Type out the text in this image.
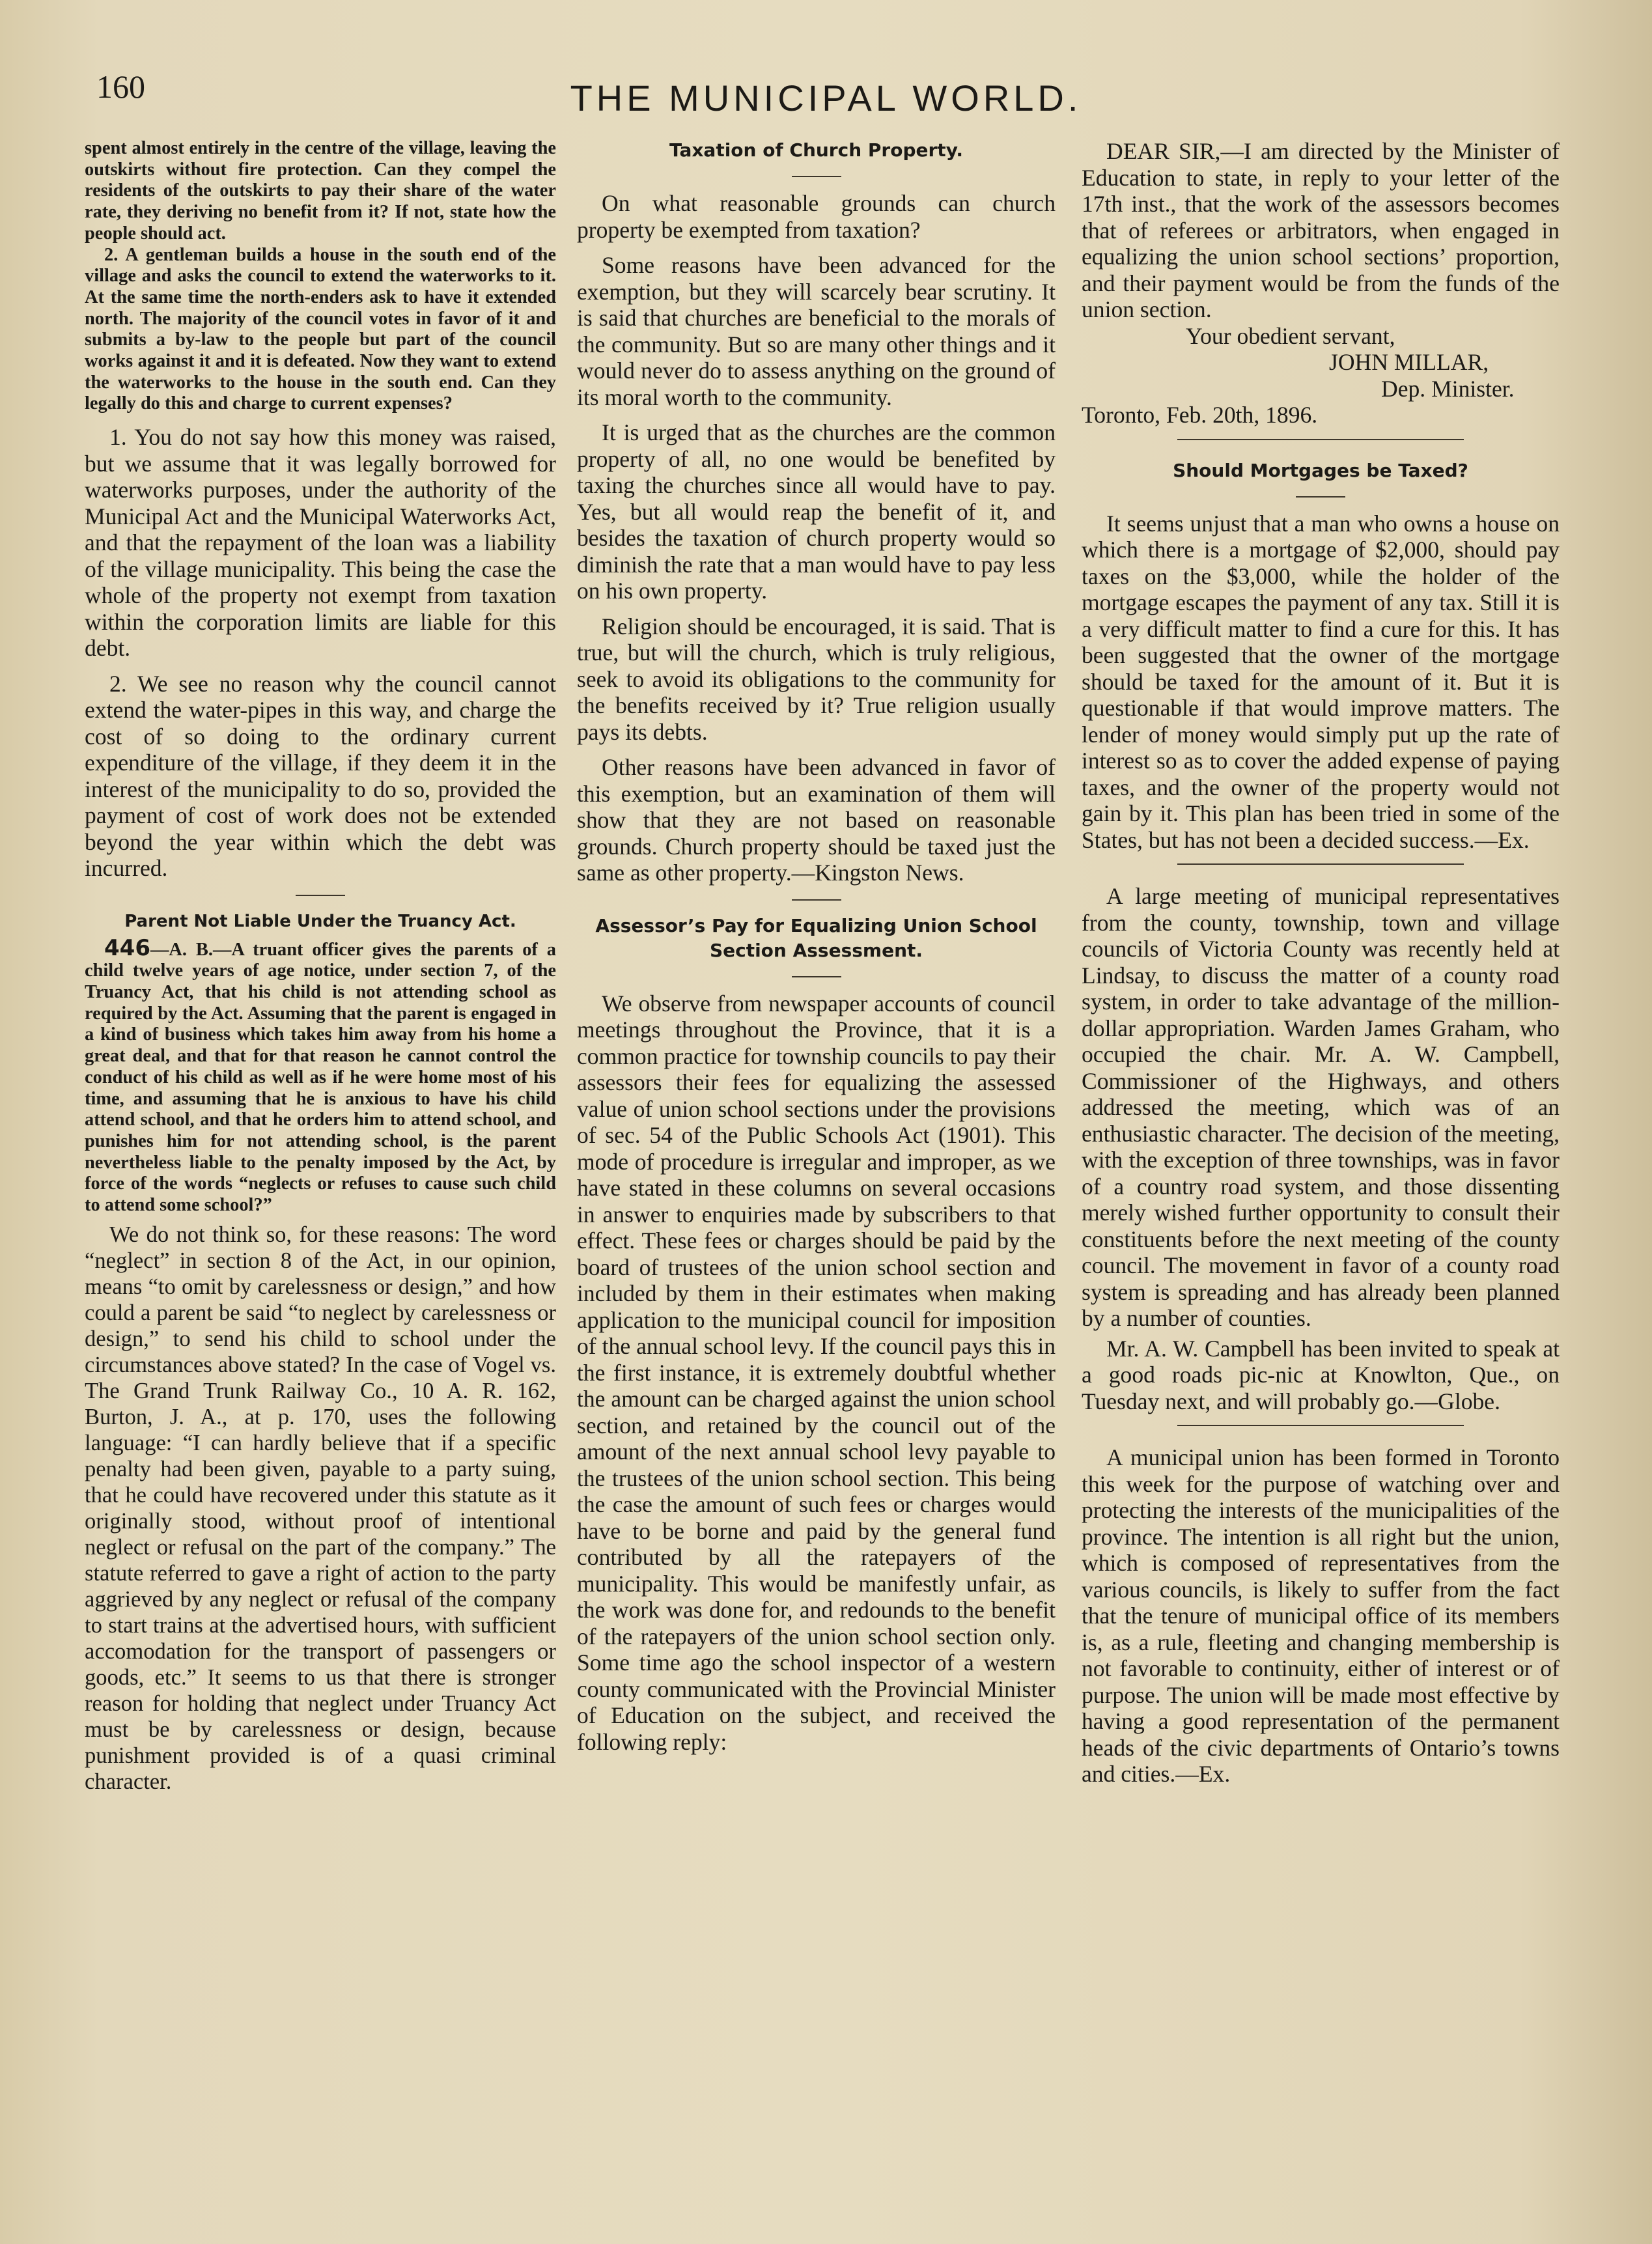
160	THE MUNICIPAL WORLD.

spent almost entirely in the centre of the village, leaving the outskirts without fire protection. Can they compel the residents of the outskirts to pay their share of the water rate, they deriving no benefit from it? If not, state how the people should act.

2. A gentleman builds a house in the south end of the village and asks the council to extend the waterworks to it. At the same time the north-enders ask to have it extended north. The majority of the council votes in favor of it and submits a by-law to the people but part of the council works against it and it is defeated. Now they want to extend the waterworks to the house in the south end. Can they legally do this and charge to current expenses?

1. You do not say how this money was raised, but we assume that it was legally borrowed for waterworks purposes, under the authority of the Municipal Act and the Municipal Waterworks Act, and that the repayment of the loan was a liability of the village municipality. This being the case the whole of the property not exempt from taxation within the corporation limits are liable for this debt.

2. We see no reason why the council cannot extend the water-pipes in this way, and charge the cost of so doing to the ordinary current expenditure of the village, if they deem it in the interest of the municipality to do so, provided the payment of cost of work does not be extended beyond the year within which the debt was incurred.

Parent Not Liable Under the Truancy Act.

446—A. B.—A truant officer gives the parents of a child twelve years of age notice, under section 7, of the Truancy Act, that his child is not attending school as required by the Act. Assuming that the parent is engaged in a kind of business which takes him away from his home a great deal, and that for that reason he cannot control the conduct of his child as well as if he were home most of his time, and assuming that he is anxious to have his child attend school, and that he orders him to attend school, and punishes him for not attending school, is the parent nevertheless liable to the penalty imposed by the Act, by force of the words “neglects or refuses to cause such child to attend some school?”

We do not think so, for these reasons: The word “neglect” in section 8 of the Act, in our opinion, means “to omit by carelessness or design,” and how could a parent be said “to neglect by carelessness or design,” to send his child to school under the circumstances above stated? In the case of Vogel vs. The Grand Trunk Railway Co., 10 A. R. 162, Burton, J. A., at p. 170, uses the following language: “I can hardly believe that if a specific penalty had been given, payable to a party suing, that he could have recovered under this statute as it originally stood, without proof of intentional neglect or refusal on the part of the company.” The statute referred to gave a right of action to the party aggrieved by any neglect or refusal of the company to start trains at the advertised hours, with sufficient accomodation for the transport of passengers or goods, etc.” It seems to us that there is stronger reason for holding that neglect under Truancy Act must be by carelessness or design, because punishment provided is of a quasi criminal character.

Taxation of Church Property.

On what reasonable grounds can church property be exempted from taxation?

Some reasons have been advanced for the exemption, but they will scarcely bear scrutiny. It is said that churches are beneficial to the morals of the community. But so are many other things and it would never do to assess anything on the ground of its moral worth to the community.

It is urged that as the churches are the common property of all, no one would be benefited by taxing the churches since all would have to pay. Yes, but all would reap the benefit of it, and besides the taxation of church property would so diminish the rate that a man would have to pay less on his own property.

Religion should be encouraged, it is said. That is true, but will the church, which is truly religious, seek to avoid its obligations to the community for the benefits received by it? True religion usually pays its debts.

Other reasons have been advanced in favor of this exemption, but an examination of them will show that they are not based on reasonable grounds. Church property should be taxed just the same as other property.—Kingston News.

Assessor’s Pay for Equalizing Union School Section Assessment.

We observe from newspaper accounts of council meetings throughout the Province, that it is a common practice for township councils to pay their assessors their fees for equalizing the assessed value of union school sections under the provisions of sec. 54 of the Public Schools Act (1901). This mode of procedure is irregular and improper, as we have stated in these columns on several occasions in answer to enquiries made by subscribers to that effect. These fees or charges should be paid by the board of trustees of the union school section and included by them in their estimates when making application to the municipal council for imposition of the annual school levy. If the council pays this in the first instance, it is extremely doubtful whether the amount can be charged against the union school section, and retained by the council out of the amount of the next annual school levy payable to the trustees of the union school section. This being the case the amount of such fees or charges would have to be borne and paid by the general fund contributed by all the ratepayers of the municipality. This would be manifestly unfair, as the work was done for, and redounds to the benefit of the ratepayers of the union school section only. Some time ago the school inspector of a western county communicated with the Provincial Minister of Education on the subject, and received the following reply:

DEAR SIR,—I am directed by the Minister of Education to state, in reply to your letter of the 17th inst., that the work of the assessors becomes that of referees or arbitrators, when engaged in equalizing the union school sections’ proportion, and their payment would be from the funds of the union section.

Your obedient servant,
JOHN MILLAR,
Dep. Minister.
Toronto, Feb. 20th, 1896.
Should Mortgages be Taxed?

It seems unjust that a man who owns a house on which there is a mortgage of $2,000, should pay taxes on the $3,000, while the holder of the mortgage escapes the payment of any tax. Still it is a very difficult matter to find a cure for this. It has been suggested that the owner of the mortgage should be taxed for the amount of it. But it is questionable if that would improve matters. The lender of money would simply put up the rate of interest so as to cover the added expense of paying taxes, and the owner of the property would not gain by it. This plan has been tried in some of the States, but has not been a decided success.—Ex.

A large meeting of municipal representatives from the county, township, town and village councils of Victoria County was recently held at Lindsay, to discuss the matter of a county road system, in order to take advantage of the million-dollar appropriation. Warden James Graham, who occupied the chair. Mr. A. W. Campbell, Commissioner of the Highways, and others addressed the meeting, which was of an enthusiastic character. The decision of the meeting, with the exception of three townships, was in favor of a country road system, and those dissenting merely wished further opportunity to consult their constituents before the next meeting of the county council. The movement in favor of a county road system is spreading and has already been planned by a number of counties.

Mr. A. W. Campbell has been invited to speak at a good roads pic-nic at Knowlton, Que., on Tuesday next, and will probably go.—Globe.

A municipal union has been formed in Toronto this week for the purpose of watching over and protecting the interests of the municipalities of the province. The intention is all right but the union, which is composed of representatives from the various councils, is likely to suffer from the fact that the tenure of municipal office of its members is, as a rule, fleeting and changing membership is not favorable to continuity, either of interest or of purpose. The union will be made most effective by having a good representation of the permanent heads of the civic departments of Ontario’s towns and cities.—Ex.
